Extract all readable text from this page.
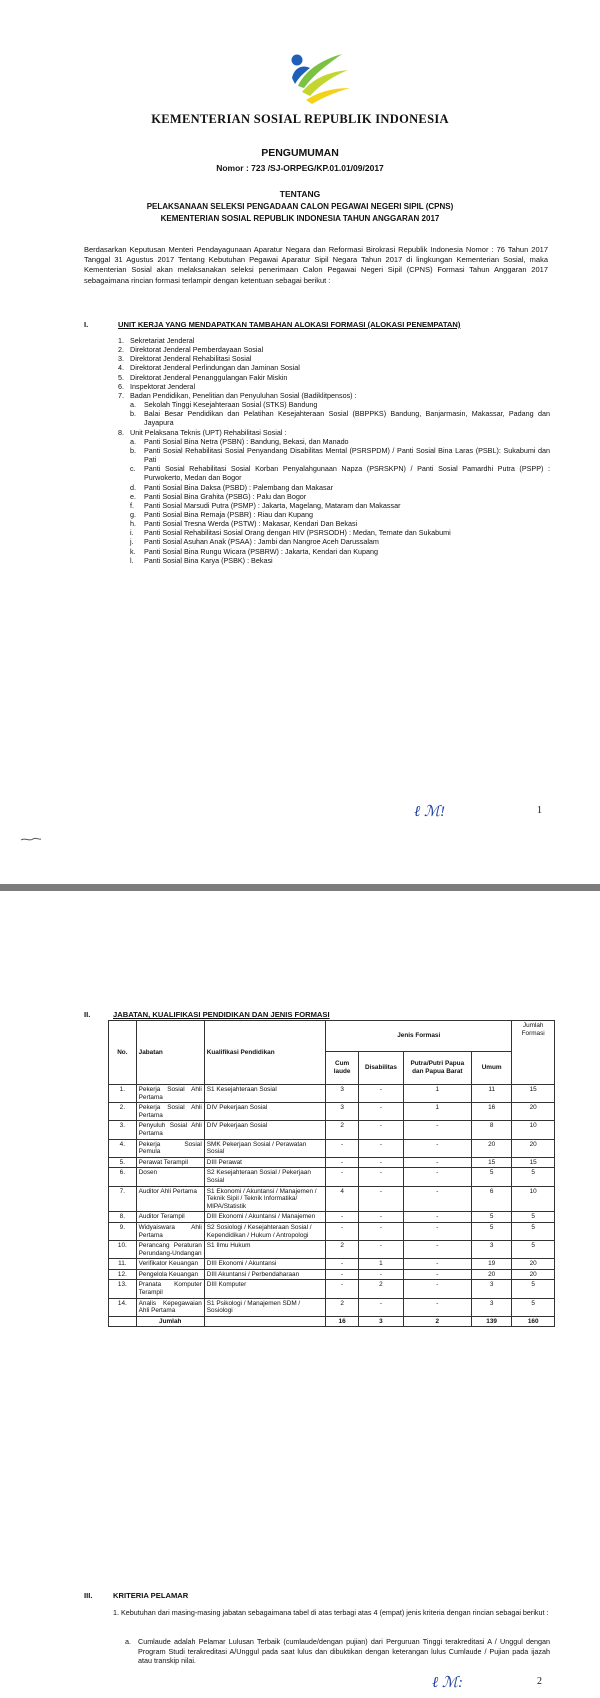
KEMENTERIAN SOSIAL REPUBLIK INDONESIA
PENGUMUMAN
Nomor : 723 /SJ-ORPEG/KP.01.01/09/2017
TENTANG
PELAKSANAAN SELEKSI PENGADAAN CALON PEGAWAI NEGERI SIPIL (CPNS)
KEMENTERIAN SOSIAL REPUBLIK INDONESIA TAHUN ANGGARAN 2017
Berdasarkan Keputusan Menteri Pendayagunaan Aparatur Negara dan Reformasi Birokrasi Republik Indonesia Nomor : 76 Tahun 2017 Tanggal 31 Agustus 2017 Tentang Kebutuhan Pegawai Aparatur Sipil Negara Tahun 2017 di lingkungan Kementerian Sosial, maka Kementerian Sosial akan melaksanakan seleksi penerimaan Calon Pegawai Negeri Sipil (CPNS) Formasi Tahun Anggaran 2017 sebagaimana rincian formasi terlampir dengan ketentuan sebagai berikut :
I.	UNIT KERJA YANG MENDAPATKAN TAMBAHAN ALOKASI FORMASI (ALOKASI PENEMPATAN)
1. Sekretariat Jenderal
2. Direktorat Jenderal Pemberdayaan Sosial
3. Direktorat Jenderal Rehabilitasi Sosial
4. Direktorat Jenderal Perlindungan dan Jaminan Sosial
5. Direktorat Jenderal Penanggulangan Fakir Miskin
6. Inspektorat Jenderal
7. Badan Pendidikan, Penelitian dan Penyuluhan Sosial (Badiklitpensos) :
a. Sekolah Tinggi Kesejahteraan Sosial (STKS) Bandung
b. Balai Besar Pendidikan dan Pelatihan Kesejahteraan Sosial (BBPPKS) Bandung, Banjarmasin, Makassar, Padang dan Jayapura
8. Unit Pelaksana Teknis (UPT) Rehabilitasi Sosial :
a. Panti Sosial Bina Netra (PSBN) : Bandung, Bekasi, dan Manado
b. Panti Sosial Rehabilitasi Sosial Penyandang Disabilitas Mental (PSRSPDM) / Panti Sosial Bina Laras (PSBL): Sukabumi dan Pati
c. Panti Sosial Rehabilitasi Sosial Korban Penyalahgunaan Napza (PSRSKPN) / Panti Sosial Pamardhi Putra (PSPP) : Purwokerto, Medan dan Bogor
d. Panti Sosial Bina Daksa (PSBD) : Palembang dan Makasar
e. Panti Sosial Bina Grahita (PSBG) : Palu dan Bogor
f. Panti Sosial Marsudi Putra (PSMP) : Jakarta, Magelang, Mataram dan Makassar
g. Panti Sosial Bina Remaja (PSBR) : Riau dan Kupang
h. Panti Sosial Tresna Werda (PSTW) : Makasar, Kendari Dan Bekasi
i. Panti Sosial Rehabilitasi Sosial Orang dengan HIV (PSRSODH) : Medan, Ternate dan Sukabumi
j. Panti Sosial Asuhan Anak (PSAA) : Jambi dan Nangroe Aceh Darussalam
k. Panti Sosial Bina Rungu Wicara (PSBRW) : Jakarta, Kendari dan Kupang
l. Panti Sosial Bina Karya (PSBK) : Bekasi
ℓ ℳ!	1
II.	JABATAN, KUALIFIKASI PENDIDIKAN DAN JENIS FORMASI
No.	Jabatan	Kualifikasi Pendidikan	Jenis Formasi				Jumlah Formasi
			Cum laude	Disabilitas	Putra/Putri Papua dan Papua Barat	Umum	
1.	Pekerja Sosial Ahli Pertama	S1 Kesejahteraan Sosial	3	-	1	11	15
2.	Pekerja Sosial Ahli Pertama	DIV Pekerjaan Sosial	3	-	1	16	20
3.	Penyuluh Sosial Ahli Pertama	DIV Pekerjaan Sosial	2	-	-	8	10
4.	Pekerja Sosial Pemula	SMK Pekerjaan Sosial / Perawatan Sosial	-	-	-	20	20
5.	Perawat Terampil	DIII Perawat	-	-	-	15	15
6.	Dosen	S2 Kesejahteraan Sosial / Pekerjaan Sosial	-	-	-	5	5
7.	Auditor Ahli Pertama	S1 Ekonomi / Akuntansi / Manajemen / Teknik Sipil / Teknik Informatika/ MIPA/Statistik	4	-	-	6	10
8.	Auditor Terampil	DIII Ekonomi / Akuntansi / Manajemen	-	-	-	5	5
9.	Widyaiswara Ahli Pertama	S2 Sosiologi / Kesejahteraan Sosial / Kependidikan / Hukum / Antropologi	-	-	-	5	5
10.	Perancang Peraturan Perundang-Undangan	S1 Ilmu Hukum	2	-	-	3	5
11.	Verifikator Keuangan	DIII Ekonomi / Akuntansi	-	1	-	19	20
12.	Pengelola Keuangan	DIII Akuntansi / Perbendaharaan	-	-	-	20	20
13.	Pranata Komputer Terampil	DIII Komputer	-	2	-	3	5
14.	Analis Kepegawaian Ahli Pertama	S1 Psikologi / Manajemen SDM / Sosiologi	2	-	-	3	5
	Jumlah		16	3	2	139	160
III.	KRITERIA PELAMAR
1. Kebutuhan dari masing-masing jabatan sebagaimana tabel di atas terbagi atas 4 (empat) jenis kriteria dengan rincian sebagai berikut :
a. Cumlaude adalah Pelamar Lulusan Terbaik (cumlaude/dengan pujian) dari Perguruan Tinggi terakreditasi A / Unggul dengan Program Studi terakreditasi A/Unggul pada saat lulus dan dibuktikan dengan keterangan lulus Cumlaude / Pujian pada ijazah atau transkip nilai.
ℓ ℳ:	2
